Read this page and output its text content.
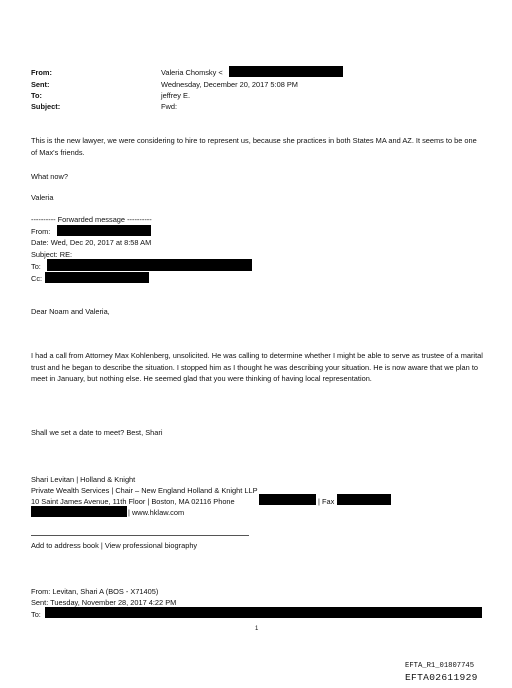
From:	Valeria Chomsky <
Sent:	Wednesday, December 20, 2017 5:08 PM
To:	jeffrey E.
Subject:	Fwd:
This is the new lawyer, we were considering to hire to represent us, because she practices in both States MA and AZ. It seems to be one of Max's friends.
What now?
Valeria
---------- Forwarded message ----------
From:
Date: Wed, Dec 20, 2017 at 8:58 AM
Subject: RE:
To:
Cc:
Dear Noam and Valeria,
I had a call from Attorney Max Kohlenberg, unsolicited. He was calling to determine whether I might be able to serve as trustee of a marital trust and he began to describe the situation. I stopped him as I thought he was describing your situation. He is now aware that we plan to meet in January, but nothing else. He seemed glad that you were thinking of having local representation.
Shall we set a date to meet? Best, Shari
Shari Levitan | Holland & Knight
Private Wealth Services | Chair – New England Holland & Knight LLP
10 Saint James Avenue, 11th Floor | Boston, MA 02116 Phone	| Fax
| www.hklaw.com
Add to address book | View professional biography
From: Levitan, Shari A (BOS - X71405)
Sent: Tuesday, November 28, 2017 4:22 PM
To:
1
EFTA_R1_01807745
EFTA02611929
